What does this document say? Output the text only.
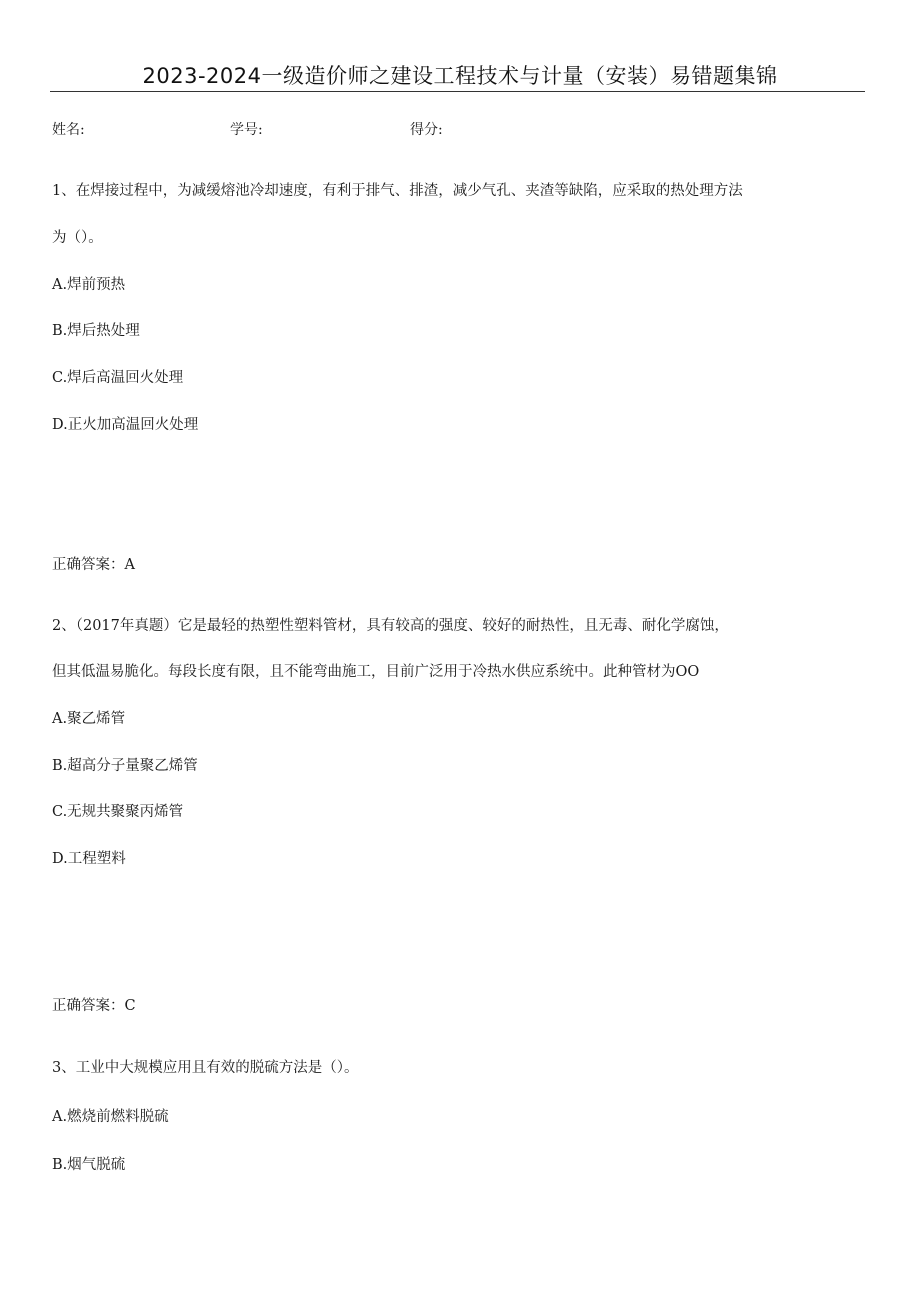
2023-2024一级造价师之建设工程技术与计量（安装）易错题集锦
姓名:	学号:	得分:
1、在焊接过程中，为减缓熔池冷却速度，有利于排气、排渣，减少气孔、夹渣等缺陷，应采取的热处理方法
为（）。
A.焊前预热
B.焊后热处理
C.焊后高温回火处理
D.正火加高温回火处理
正确答案：A
2、（2017年真题）它是最轻的热塑性塑料管材，具有较高的强度、较好的耐热性，且无毒、耐化学腐蚀，
但其低温易脆化。每段长度有限，且不能弯曲施工，目前广泛用于冷热水供应系统中。此种管材为OO
A.聚乙烯管
B.超高分子量聚乙烯管
C.无规共聚聚丙烯管
D.工程塑料
正确答案：C
3、工业中大规模应用且有效的脱硫方法是（）。
A.燃烧前燃料脱硫
B.烟气脱硫
